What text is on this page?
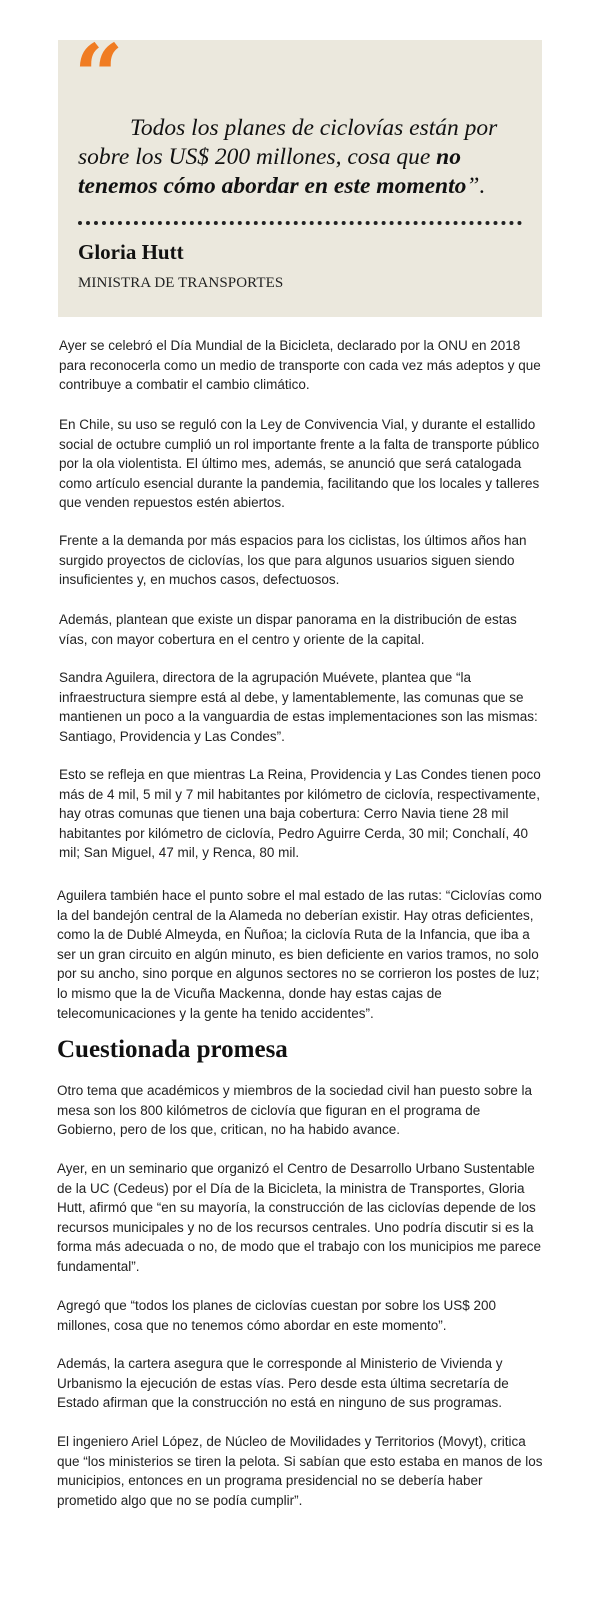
“

Todos los planes de ciclovías están por sobre los US$ 200 millones, cosa que no tenemos cómo abordar en este momento”.

Gloria Hutt

MINISTRA DE TRANSPORTES

Ayer se celebró el Día Mundial de la Bicicleta, declarado por la ONU en 2018 para reconocerla como un medio de transporte con cada vez más adeptos y que contribuye a combatir el cambio climático.

En Chile, su uso se reguló con la Ley de Convivencia Vial, y durante el estallido social de octubre cumplió un rol importante frente a la falta de transporte público por la ola violentista. El último mes, además, se anunció que será catalogada como artículo esencial durante la pandemia, facilitando que los locales y talleres que venden repuestos estén abiertos.

Frente a la demanda por más espacios para los ciclistas, los últimos años han surgido proyectos de ciclovías, los que para algunos usuarios siguen siendo insuficientes y, en muchos casos, defectuosos.

Además, plantean que existe un dispar panorama en la distribución de estas vías, con mayor cobertura en el centro y oriente de la capital.

Sandra Aguilera, directora de la agrupación Muévete, plantea que “la infraestructura siempre está al debe, y lamentablemente, las comunas que se mantienen un poco a la vanguardia de estas implementaciones son las mismas: Santiago, Providencia y Las Condes”.

Esto se refleja en que mientras La Reina, Providencia y Las Condes tienen poco más de 4 mil, 5 mil y 7 mil habitantes por kilómetro de ciclovía, respectivamente, hay otras comunas que tienen una baja cobertura: Cerro Navia tiene 28 mil habitantes por kilómetro de ciclovía, Pedro Aguirre Cerda, 30 mil; Conchalí, 40 mil; San Miguel, 47 mil, y Renca, 80 mil.

Aguilera también hace el punto sobre el mal estado de las rutas: “Ciclovías como la del bandejón central de la Alameda no deberían existir. Hay otras deficientes, como la de Dublé Almeyda, en Ñuñoa; la ciclovía Ruta de la Infancia, que iba a ser un gran circuito en algún minuto, es bien deficiente en varios tramos, no solo por su ancho, sino porque en algunos sectores no se corrieron los postes de luz; lo mismo que la de Vicuña Mackenna, donde hay estas cajas de telecomunicaciones y la gente ha tenido accidentes”.

Cuestionada promesa

Otro tema que académicos y miembros de la sociedad civil han puesto sobre la mesa son los 800 kilómetros de ciclovía que figuran en el programa de Gobierno, pero de los que, critican, no ha habido avance.

Ayer, en un seminario que organizó el Centro de Desarrollo Urbano Sustentable de la UC (Cedeus) por el Día de la Bicicleta, la ministra de Transportes, Gloria Hutt, afirmó que “en su mayoría, la construcción de las ciclovías depende de los recursos municipales y no de los recursos centrales. Uno podría discutir si es la forma más adecuada o no, de modo que el trabajo con los municipios me parece fundamental”.

Agregó que “todos los planes de ciclovías cuestan por sobre los US$ 200 millones, cosa que no tenemos cómo abordar en este momento”.

Además, la cartera asegura que le corresponde al Ministerio de Vivienda y Urbanismo la ejecución de estas vías. Pero desde esta última secretaría de Estado afirman que la construcción no está en ninguno de sus programas.

El ingeniero Ariel López, de Núcleo de Movilidades y Territorios (Movyt), critica que “los ministerios se tiren la pelota. Si sabían que esto estaba en manos de los municipios, entonces en un programa presidencial no se debería haber prometido algo que no se podía cumplir”.
